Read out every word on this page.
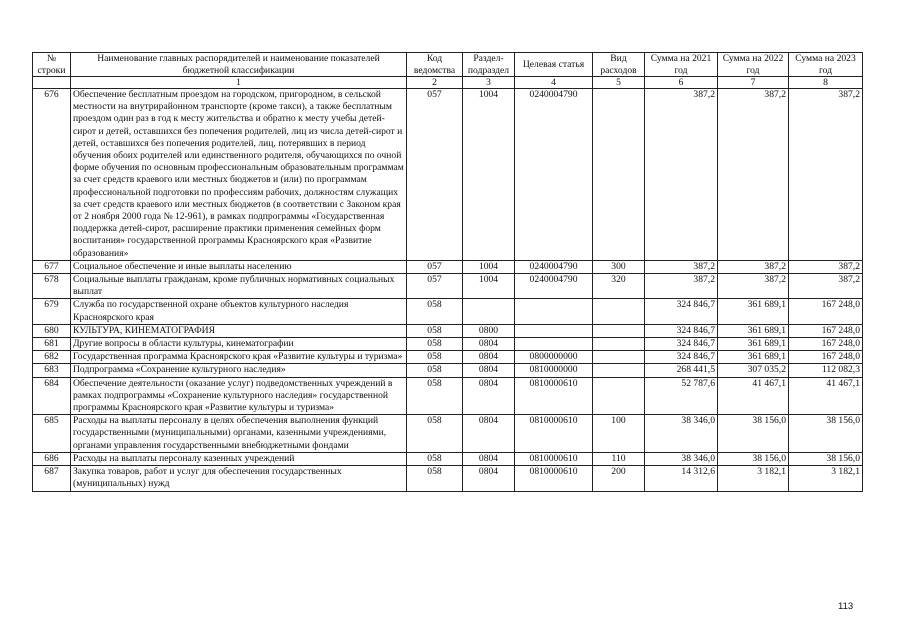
№ строки	Наименование главных распорядителей и наименование показателей бюджетной классификации	Код ведомства	Раздел-подраздел	Целевая статья	Вид расходов	Сумма на 2021 год	Сумма на 2022 год	Сумма на 2023 год
	1	2	3	4	5	6	7	8
676	Обеспечение бесплатным проездом на городском, пригородном, в сельской местности на внутрирайонном транспорте (кроме такси), а также бесплатным проездом один раз в год к месту жительства и обратно к месту учебы детей-сирот и детей, оставшихся без попечения родителей, лиц из числа детей-сирот и детей, оставшихся без попечения родителей, лиц, потерявших в период обучения обоих родителей или единственного родителя, обучающихся по очной форме обучения по основным профессиональным образовательным программам за счет средств краевого или местных бюджетов и (или) по программам профессиональной подготовки по профессиям рабочих, должностям служащих за счет средств краевого или местных бюджетов (в соответствии с Законом края от 2 ноября 2000 года № 12-961), в рамках подпрограммы «Государственная поддержка детей-сирот, расширение практики применения семейных форм воспитания» государственной программы Красноярского края «Развитие образования»	057	1004	0240004790		387,2	387,2	387,2
677	Социальное обеспечение и иные выплаты населению	057	1004	0240004790	300	387,2	387,2	387,2
678	Социальные выплаты гражданам, кроме публичных нормативных социальных выплат	057	1004	0240004790	320	387,2	387,2	387,2
679	Служба по государственной охране объектов культурного наследия Красноярского края	058				324 846,7	361 689,1	167 248,0
680	КУЛЬТУРА, КИНЕМАТОГРАФИЯ	058	0800			324 846,7	361 689,1	167 248,0
681	Другие вопросы в области культуры, кинематографии	058	0804			324 846,7	361 689,1	167 248,0
682	Государственная программа Красноярского края «Развитие культуры и туризма»	058	0804	0800000000		324 846,7	361 689,1	167 248,0
683	Подпрограмма «Сохранение культурного наследия»	058	0804	0810000000		268 441,5	307 035,2	112 082,3
684	Обеспечение деятельности (оказание услуг) подведомственных учреждений в рамках подпрограммы «Сохранение культурного наследия» государственной программы Красноярского края «Развитие культуры и туризма»	058	0804	0810000610		52 787,6	41 467,1	41 467,1
685	Расходы на выплаты персоналу в целях обеспечения выполнения функций государственными (муниципальными) органами, казенными учреждениями, органами управления государственными внебюджетными фондами	058	0804	0810000610	100	38 346,0	38 156,0	38 156,0
686	Расходы на выплаты персоналу казенных учреждений	058	0804	0810000610	110	38 346,0	38 156,0	38 156,0
687	Закупка товаров, работ и услуг для обеспечения государственных (муниципальных) нужд	058	0804	0810000610	200	14 312,6	3 182,1	3 182,1
113
